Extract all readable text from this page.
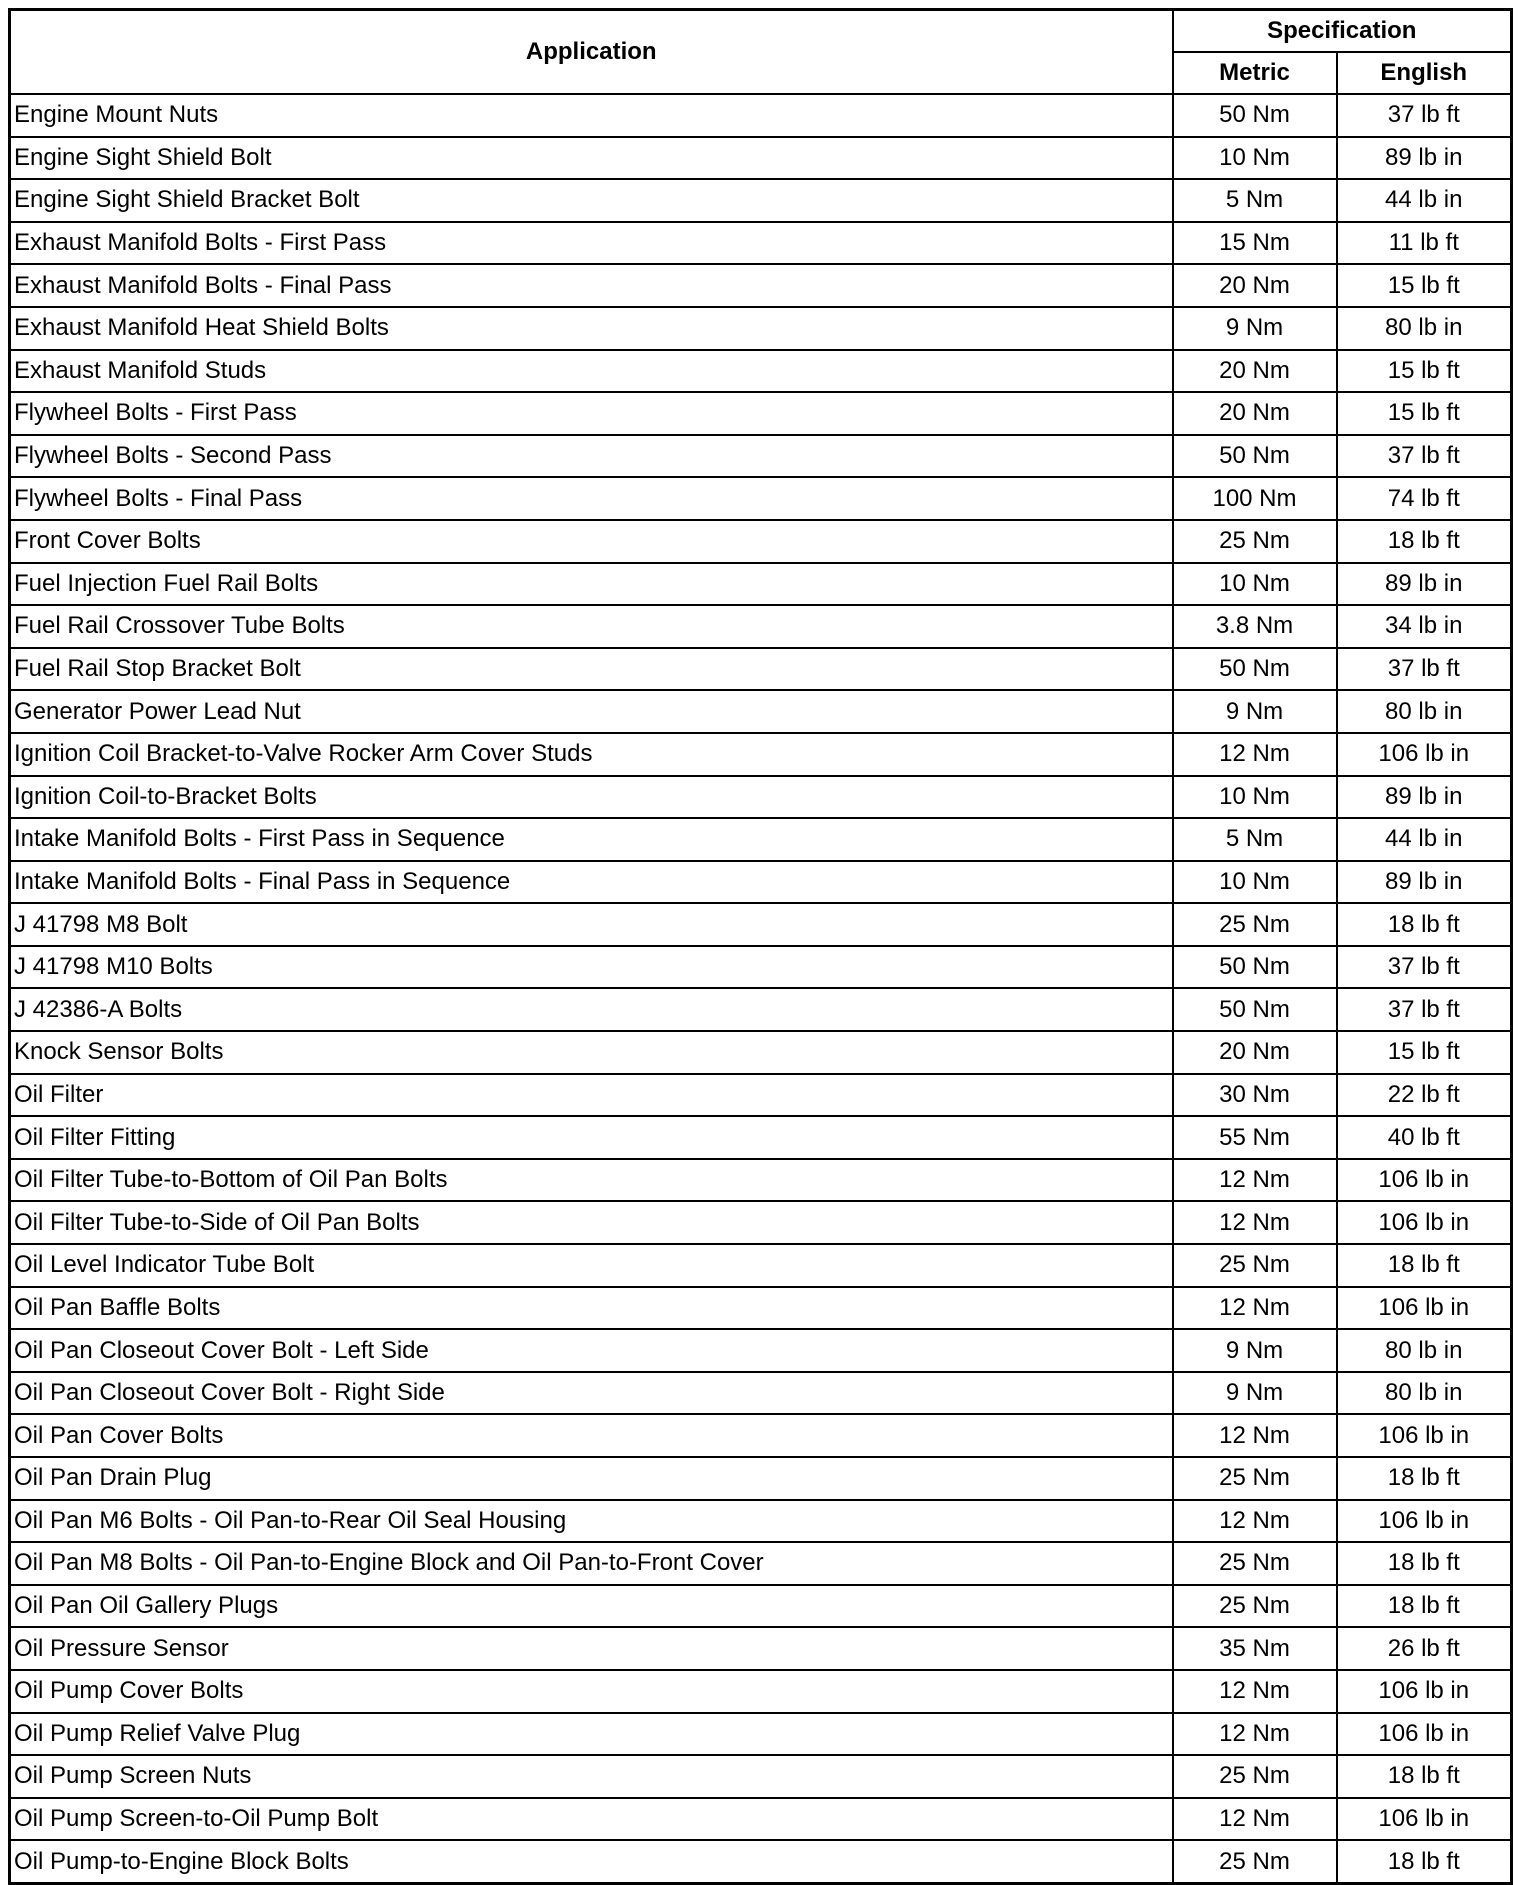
Application	Specification	
	Metric	English
Engine Mount Nuts	50 Nm	37 lb ft
Engine Sight Shield Bolt	10 Nm	89 lb in
Engine Sight Shield Bracket Bolt	5 Nm	44 lb in
Exhaust Manifold Bolts - First Pass	15 Nm	11 lb ft
Exhaust Manifold Bolts - Final Pass	20 Nm	15 lb ft
Exhaust Manifold Heat Shield Bolts	9 Nm	80 lb in
Exhaust Manifold Studs	20 Nm	15 lb ft
Flywheel Bolts - First Pass	20 Nm	15 lb ft
Flywheel Bolts - Second Pass	50 Nm	37 lb ft
Flywheel Bolts - Final Pass	100 Nm	74 lb ft
Front Cover Bolts	25 Nm	18 lb ft
Fuel Injection Fuel Rail Bolts	10 Nm	89 lb in
Fuel Rail Crossover Tube Bolts	3.8 Nm	34 lb in
Fuel Rail Stop Bracket Bolt	50 Nm	37 lb ft
Generator Power Lead Nut	9 Nm	80 lb in
Ignition Coil Bracket-to-Valve Rocker Arm Cover Studs	12 Nm	106 lb in
Ignition Coil-to-Bracket Bolts	10 Nm	89 lb in
Intake Manifold Bolts - First Pass in Sequence	5 Nm	44 lb in
Intake Manifold Bolts - Final Pass in Sequence	10 Nm	89 lb in
J 41798 M8 Bolt	25 Nm	18 lb ft
J 41798 M10 Bolts	50 Nm	37 lb ft
J 42386-A Bolts	50 Nm	37 lb ft
Knock Sensor Bolts	20 Nm	15 lb ft
Oil Filter	30 Nm	22 lb ft
Oil Filter Fitting	55 Nm	40 lb ft
Oil Filter Tube-to-Bottom of Oil Pan Bolts	12 Nm	106 lb in
Oil Filter Tube-to-Side of Oil Pan Bolts	12 Nm	106 lb in
Oil Level Indicator Tube Bolt	25 Nm	18 lb ft
Oil Pan Baffle Bolts	12 Nm	106 lb in
Oil Pan Closeout Cover Bolt - Left Side	9 Nm	80 lb in
Oil Pan Closeout Cover Bolt - Right Side	9 Nm	80 lb in
Oil Pan Cover Bolts	12 Nm	106 lb in
Oil Pan Drain Plug	25 Nm	18 lb ft
Oil Pan M6 Bolts - Oil Pan-to-Rear Oil Seal Housing	12 Nm	106 lb in
Oil Pan M8 Bolts - Oil Pan-to-Engine Block and Oil Pan-to-Front Cover	25 Nm	18 lb ft
Oil Pan Oil Gallery Plugs	25 Nm	18 lb ft
Oil Pressure Sensor	35 Nm	26 lb ft
Oil Pump Cover Bolts	12 Nm	106 lb in
Oil Pump Relief Valve Plug	12 Nm	106 lb in
Oil Pump Screen Nuts	25 Nm	18 lb ft
Oil Pump Screen-to-Oil Pump Bolt	12 Nm	106 lb in
Oil Pump-to-Engine Block Bolts	25 Nm	18 lb ft
